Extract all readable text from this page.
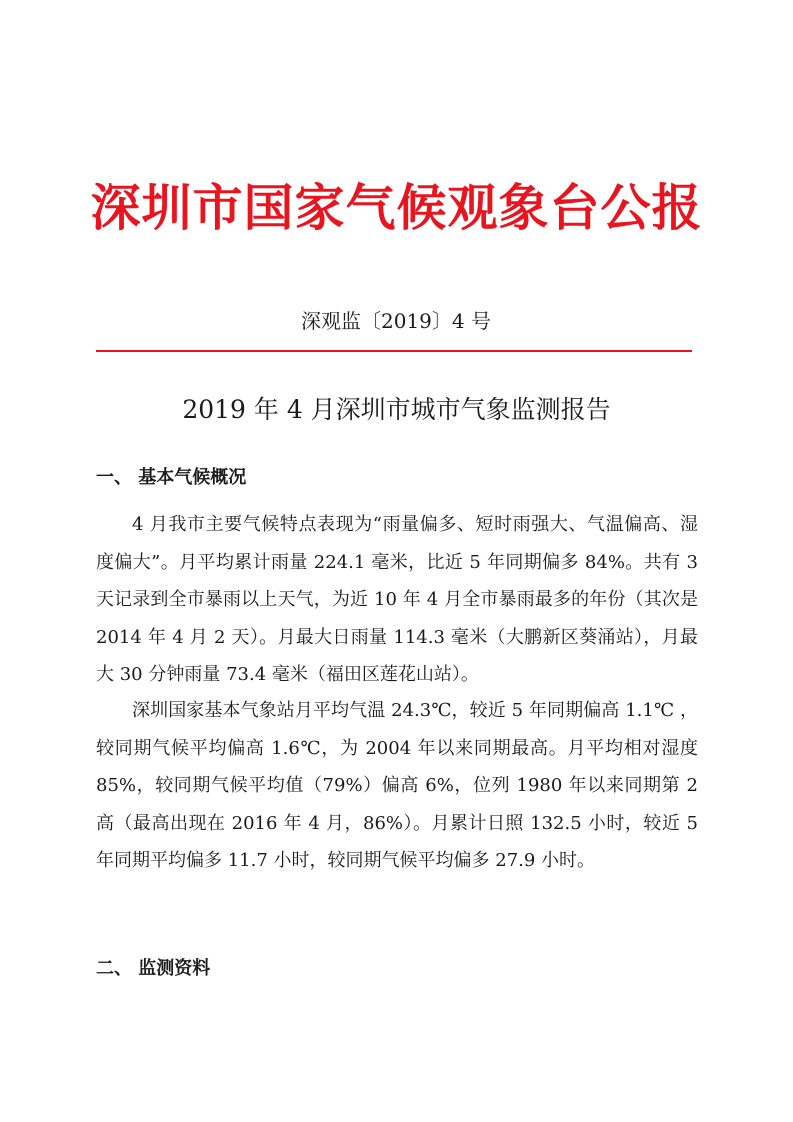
深圳市国家气候观象台公报
深观监〔2019〕4 号
2019 年 4 月深圳市城市气象监测报告
一、 基本气候概况

4 月我市主要气候特点表现为“雨量偏多、短时雨强大、气温偏高、湿度偏大”。月平均累计雨量 224.1 毫米，比近 5 年同期偏多 84%。共有 3 天记录到全市暴雨以上天气，为近 10 年 4 月全市暴雨最多的年份（其次是 2014 年 4 月 2 天）。月最大日雨量 114.3 毫米（大鹏新区葵涌站），月最大 30 分钟雨量 73.4 毫米（福田区莲花山站）。

深圳国家基本气象站月平均气温 24.3℃，较近 5 年同期偏高 1.1℃ ，较同期气候平均偏高 1.6℃，为 2004 年以来同期最高。月平均相对湿度 85%，较同期气候平均值（79%）偏高 6%，位列 1980 年以来同期第 2 高（最高出现在 2016 年 4 月，86%）。月累计日照 132.5 小时，较近 5 年同期平均偏多 11.7 小时，较同期气候平均偏多 27.9 小时。

二、 监测资料
